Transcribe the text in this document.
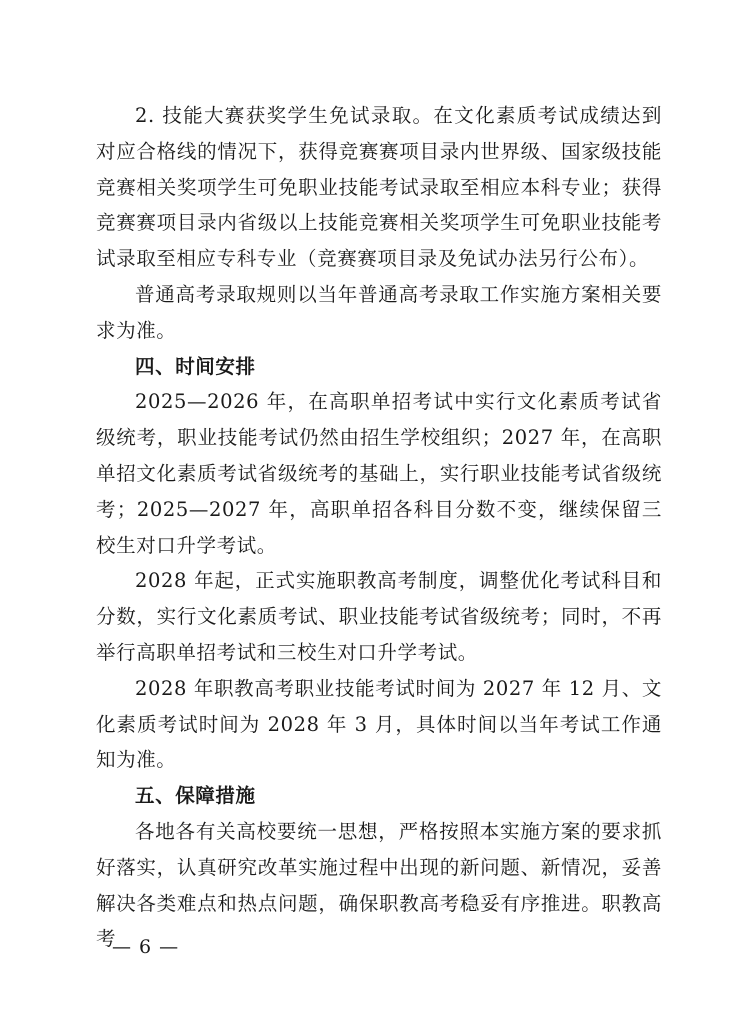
2. 技能大赛获奖学生免试录取。在文化素质考试成绩达到对应合格线的情况下，获得竞赛赛项目录内世界级、国家级技能竞赛相关奖项学生可免职业技能考试录取至相应本科专业；获得竞赛赛项目录内省级以上技能竞赛相关奖项学生可免职业技能考试录取至相应专科专业（竞赛赛项目录及免试办法另行公布）。

普通高考录取规则以当年普通高考录取工作实施方案相关要求为准。

四、时间安排

2025—2026 年，在高职单招考试中实行文化素质考试省级统考，职业技能考试仍然由招生学校组织；2027 年，在高职单招文化素质考试省级统考的基础上，实行职业技能考试省级统考；2025—2027 年，高职单招各科目分数不变，继续保留三校生对口升学考试。

2028 年起，正式实施职教高考制度，调整优化考试科目和分数，实行文化素质考试、职业技能考试省级统考；同时，不再举行高职单招考试和三校生对口升学考试。

2028 年职教高考职业技能考试时间为 2027 年 12 月、文化素质考试时间为 2028 年 3 月，具体时间以当年考试工作通知为准。

五、保障措施

各地各有关高校要统一思想，严格按照本实施方案的要求抓好落实，认真研究改革实施过程中出现的新问题、新情况，妥善解决各类难点和热点问题，确保职教高考稳妥有序推进。职教高考

— 6 —
